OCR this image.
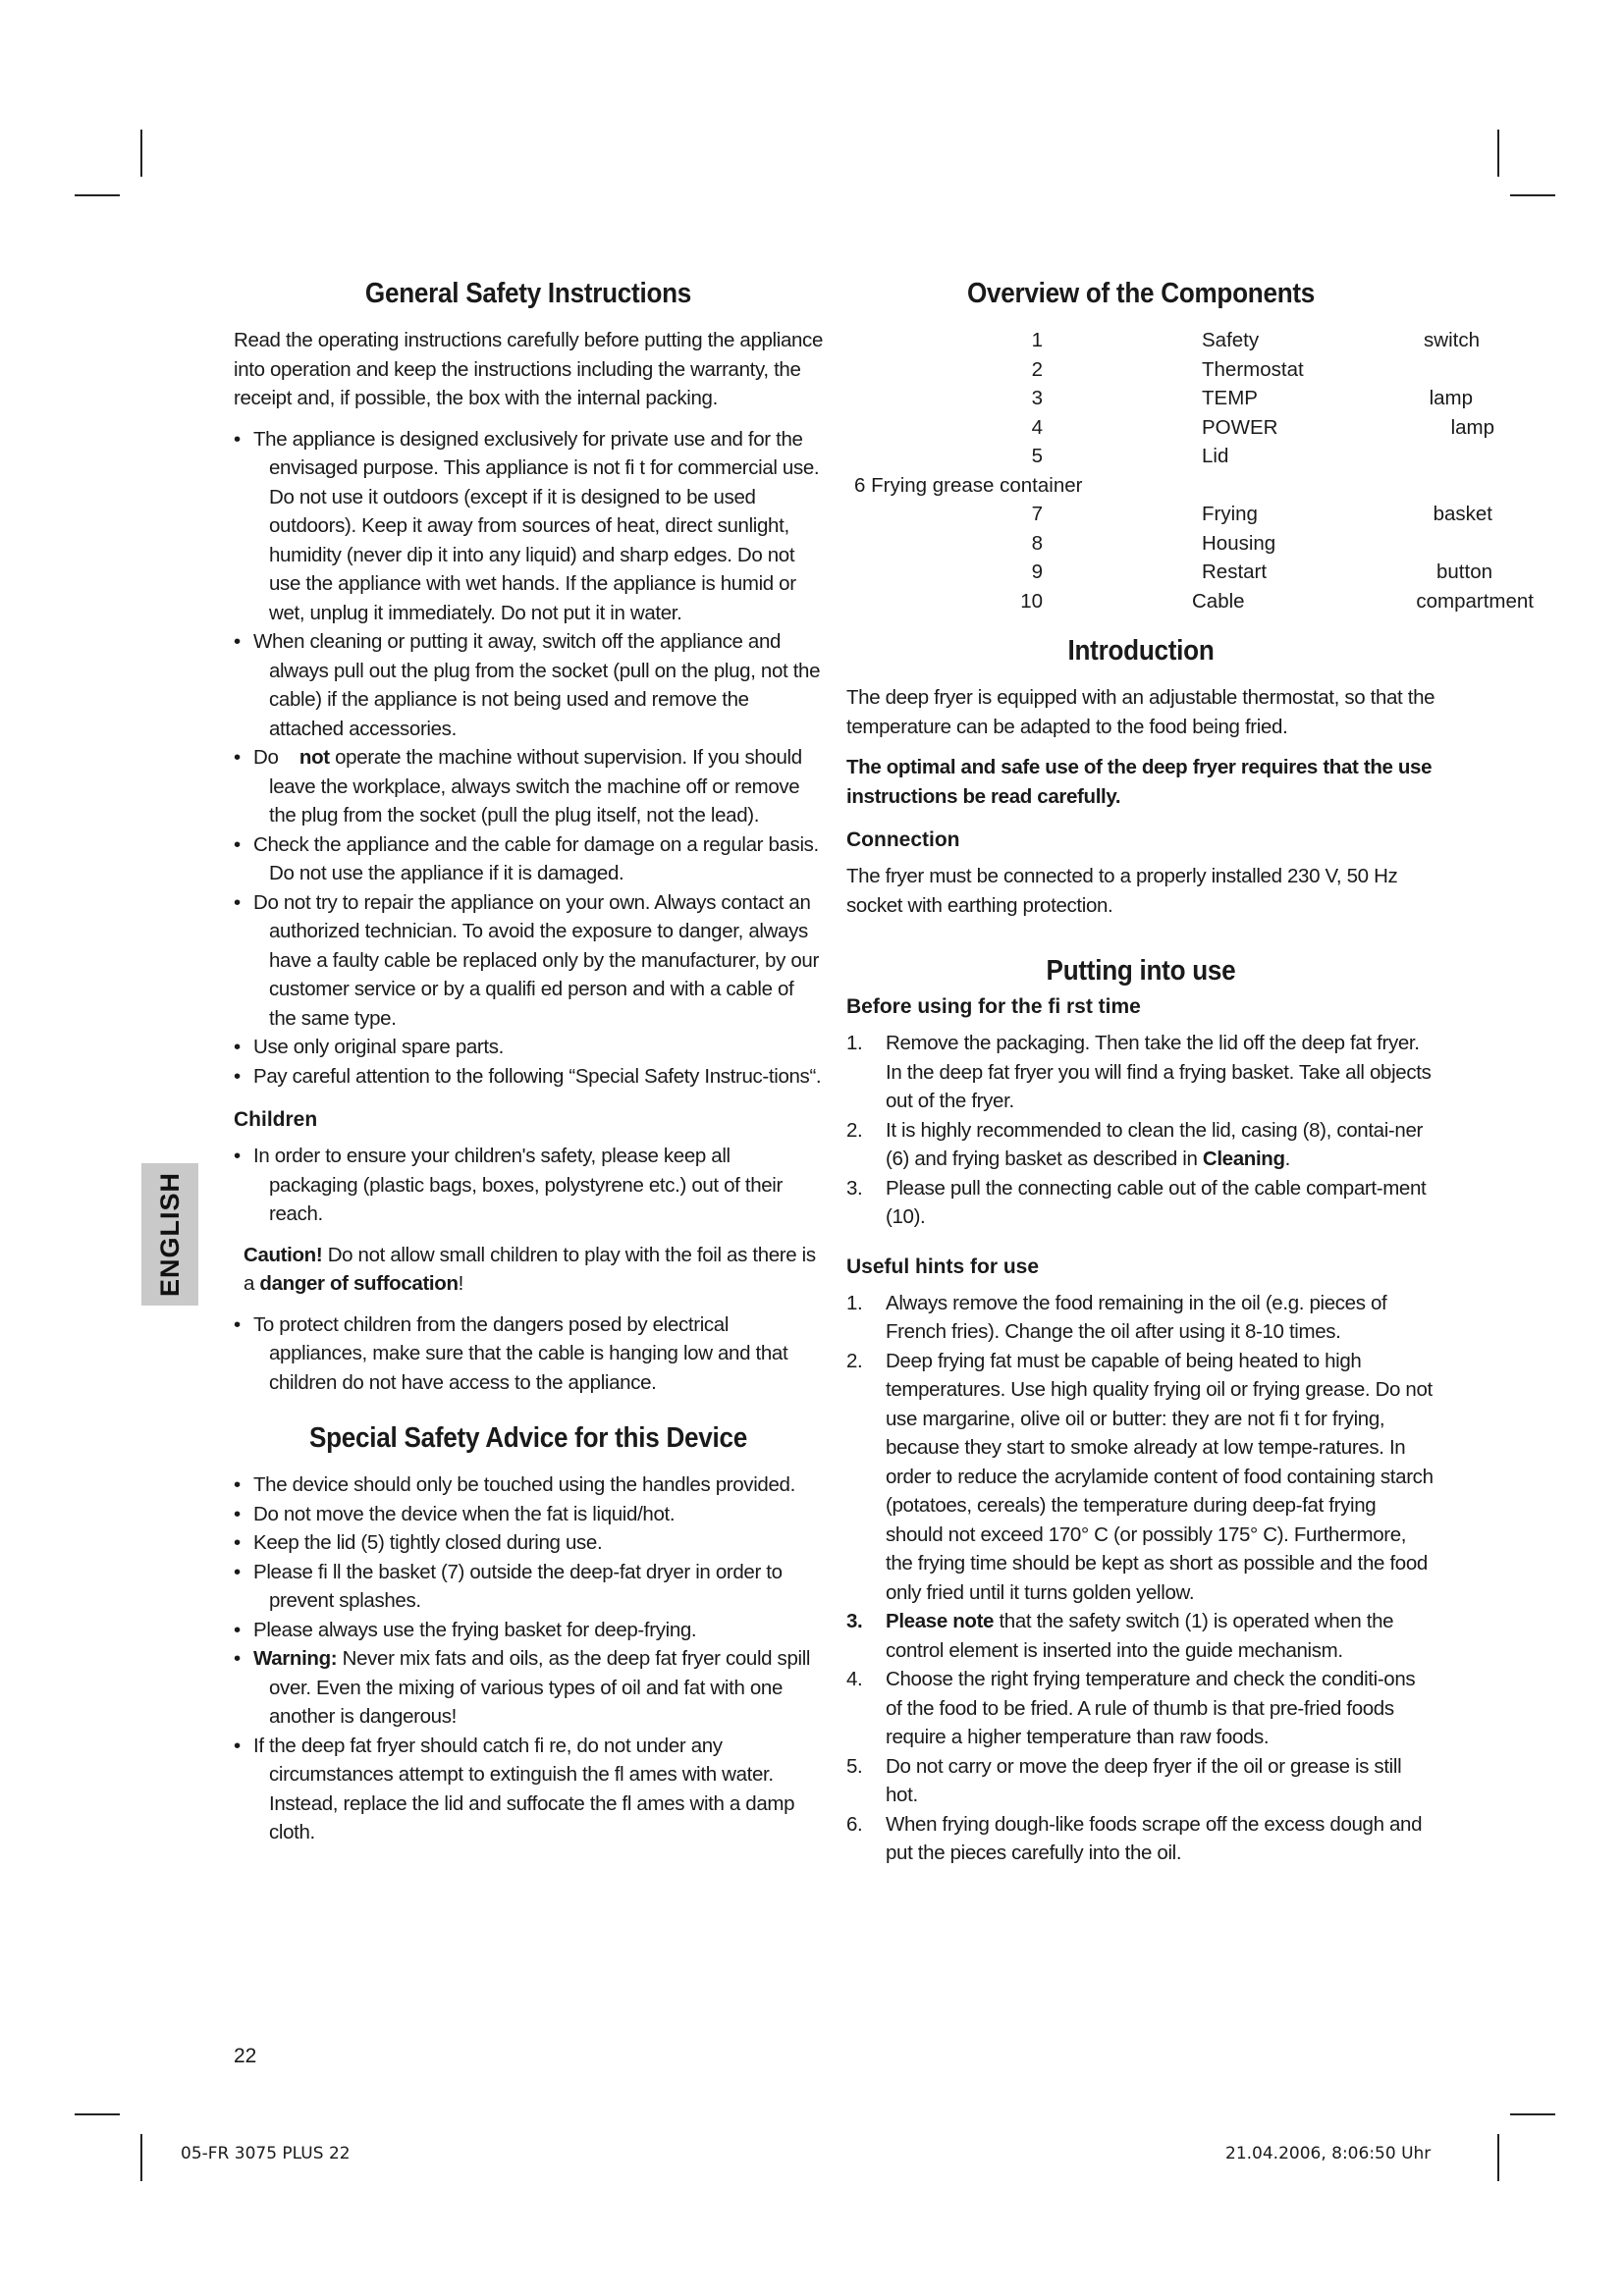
ENGLISH
General Safety Instructions

Read the operating instructions carefully before putting the appliance into operation and keep the instructions including the warranty, the receipt and, if possible, the box with the internal packing.

• The appliance is designed exclusively for private use and for the envisaged purpose. This appliance is not fi t for commercial use. Do not use it outdoors (except if it is designed to be used outdoors). Keep it away from sources of heat, direct sunlight, humidity (never dip it into any liquid) and sharp edges. Do not use the appliance with wet hands. If the appliance is humid or wet, unplug it immediately. Do not put it in water.
• When cleaning or putting it away, switch off the appliance and always pull out the plug from the socket (pull on the plug, not the cable) if the appliance is not being used and remove the attached accessories.
• Do not operate the machine without supervision. If you should leave the workplace, always switch the machine off or remove the plug from the socket (pull the plug itself, not the lead).
• Check the appliance and the cable for damage on a regular basis. Do not use the appliance if it is damaged.
• Do not try to repair the appliance on your own. Always contact an authorized technician. To avoid the exposure to danger, always have a faulty cable be replaced only by the manufacturer, by our customer service or by a qualifi ed person and with a cable of the same type.
• Use only original spare parts.
• Pay careful attention to the following “Special Safety Instruc-tions“.
Children
• In order to ensure your children's safety, please keep all packaging (plastic bags, boxes, polystyrene etc.) out of their reach.
Caution! Do not allow small children to play with the foil as there is a danger of suffocation!
• To protect children from the dangers posed by electrical appliances, make sure that the cable is hanging low and that children do not have access to the appliance.
Special Safety Advice for this Device
• The device should only be touched using the handles provided.
• Do not move the device when the fat is liquid/hot.
• Keep the lid (5) tightly closed during use.
• Please fi ll the basket (7) outside the deep-fat dryer in order to prevent splashes.
• Please always use the frying basket for deep-frying.
• Warning: Never mix fats and oils, as the deep fat fryer could spill over. Even the mixing of various types of oil and fat with one another is dangerous!
• If the deep fat fryer should catch fi re, do not under any circumstances attempt to extinguish the fl ames with water. Instead, replace the lid and suffocate the fl ames with a damp cloth.
Overview of the Components
1	Safety	switch
2	Thermostat
3	TEMP	lamp
4	POWER	lamp
5	Lid
6 Frying grease container
7	Frying	basket
8	Housing
9	Restart	button
10	Cable	compartment
Introduction

The deep fryer is equipped with an adjustable thermostat, so that the temperature can be adapted to the food being fried.

The optimal and safe use of the deep fryer requires that the use instructions be read carefully.

Connection

The fryer must be connected to a properly installed 230 V, 50 Hz socket with earthing protection.

Putting into use
Before using for the fi rst time
1. Remove the packaging. Then take the lid off the deep fat fryer. In the deep fat fryer you will find a frying basket. Take all objects out of the fryer.
2. It is highly recommended to clean the lid, casing (8), contai-ner (6) and frying basket as described in Cleaning.
3. Please pull the connecting cable out of the cable compart-ment (10).
Useful hints for use
1. Always remove the food remaining in the oil (e.g. pieces of French fries). Change the oil after using it 8-10 times.
2. Deep frying fat must be capable of being heated to high temperatures. Use high quality frying oil or frying grease. Do not use margarine, olive oil or butter: they are not fi t for frying, because they start to smoke already at low tempe-ratures. In order to reduce the acrylamide content of food containing starch (potatoes, cereals) the temperature during deep-fat frying should not exceed 170° C (or possibly 175° C). Furthermore, the frying time should be kept as short as possible and the food only fried until it turns golden yellow.
3. Please note that the safety switch (1) is operated when the control element is inserted into the guide mechanism.
4. Choose the right frying temperature and check the conditi-ons of the food to be fried. A rule of thumb is that pre-fried foods require a higher temperature than raw foods.
5. Do not carry or move the deep fryer if the oil or grease is still hot.
6. When frying dough-like foods scrape off the excess dough and put the pieces carefully into the oil.
22
05-FR 3075 PLUS 22	21.04.2006, 8:06:50 Uhr
